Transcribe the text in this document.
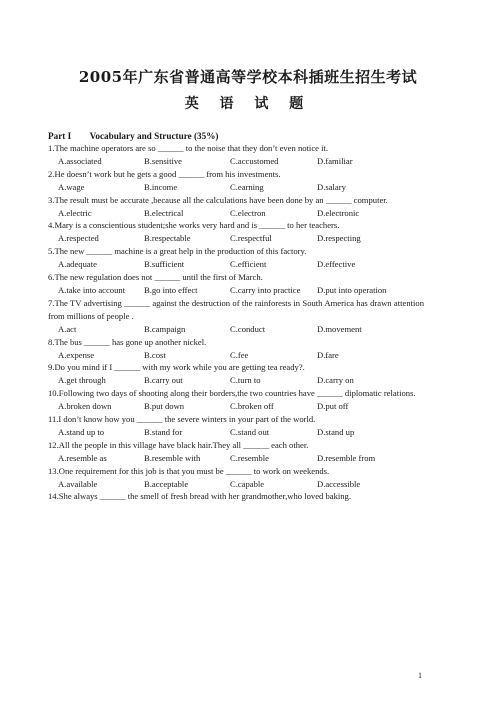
2005年广东省普通高等学校本科插班生招生考试
英 语 试 题
Part I　　Vocabulary and Structure (35%)
1.The machine operators are so ______ to the noise that they don’t even notice it.
A.associated	B.sensitive	C.accustomed	D.familiar
2.He doesn’t work but he gets a good ______ from his investments.
A.wage	B.income	C.earning	D.salary
3.The result must be accurate ,because all the calculations have been done by an ______ computer.
A.electric	B.electrical	C.electron	D.electronic
4.Mary is a conscientious student;she works very hard and is ______ to her teachers.
A.respected	B.respectable	C.respectful	D.respecting
5.The new ______ machine is a great help in the production of this factory.
A.adequate	B.sufficient	C.efficient	D.effective
6.The new regulation does not ______ until the first of March.
A.take into account	B.go into effect	C.carry into practice	D.put into operation
7.The TV advertising ______ against the destruction of the rainforests in South America has drawn attention from millions of people .
A.act	B.campaign	C.conduct	D.movement
8.The bus ______ has gone up another nickel.
A.expense	B.cost	C.fee	D.fare
9.Do you mind if I ______ with my work while you are getting tea ready?.
A.get through	B.carry out	C.turn to	D.carry on
10.Following two days of shooting along their borders,the two countries have ______ diplomatic relations.
A.broken down	B.put down	C.broken off	D.put off
11.I don’t know how you ______ the severe winters in your part of the world.
A.stand up to	B.stand for	C.stand out	D.stand up
12.All the people in this village have black hair.They all ______ each other.
A.resemble as	B.resemble with	C.resemble	D.resemble from
13.One requirement for this job is that you must be ______ to work on weekends.
A.available	B.acceptable	C.capable	D.accessible
14.She always ______ the smell of fresh bread with her grandmother,who loved baking.
1
